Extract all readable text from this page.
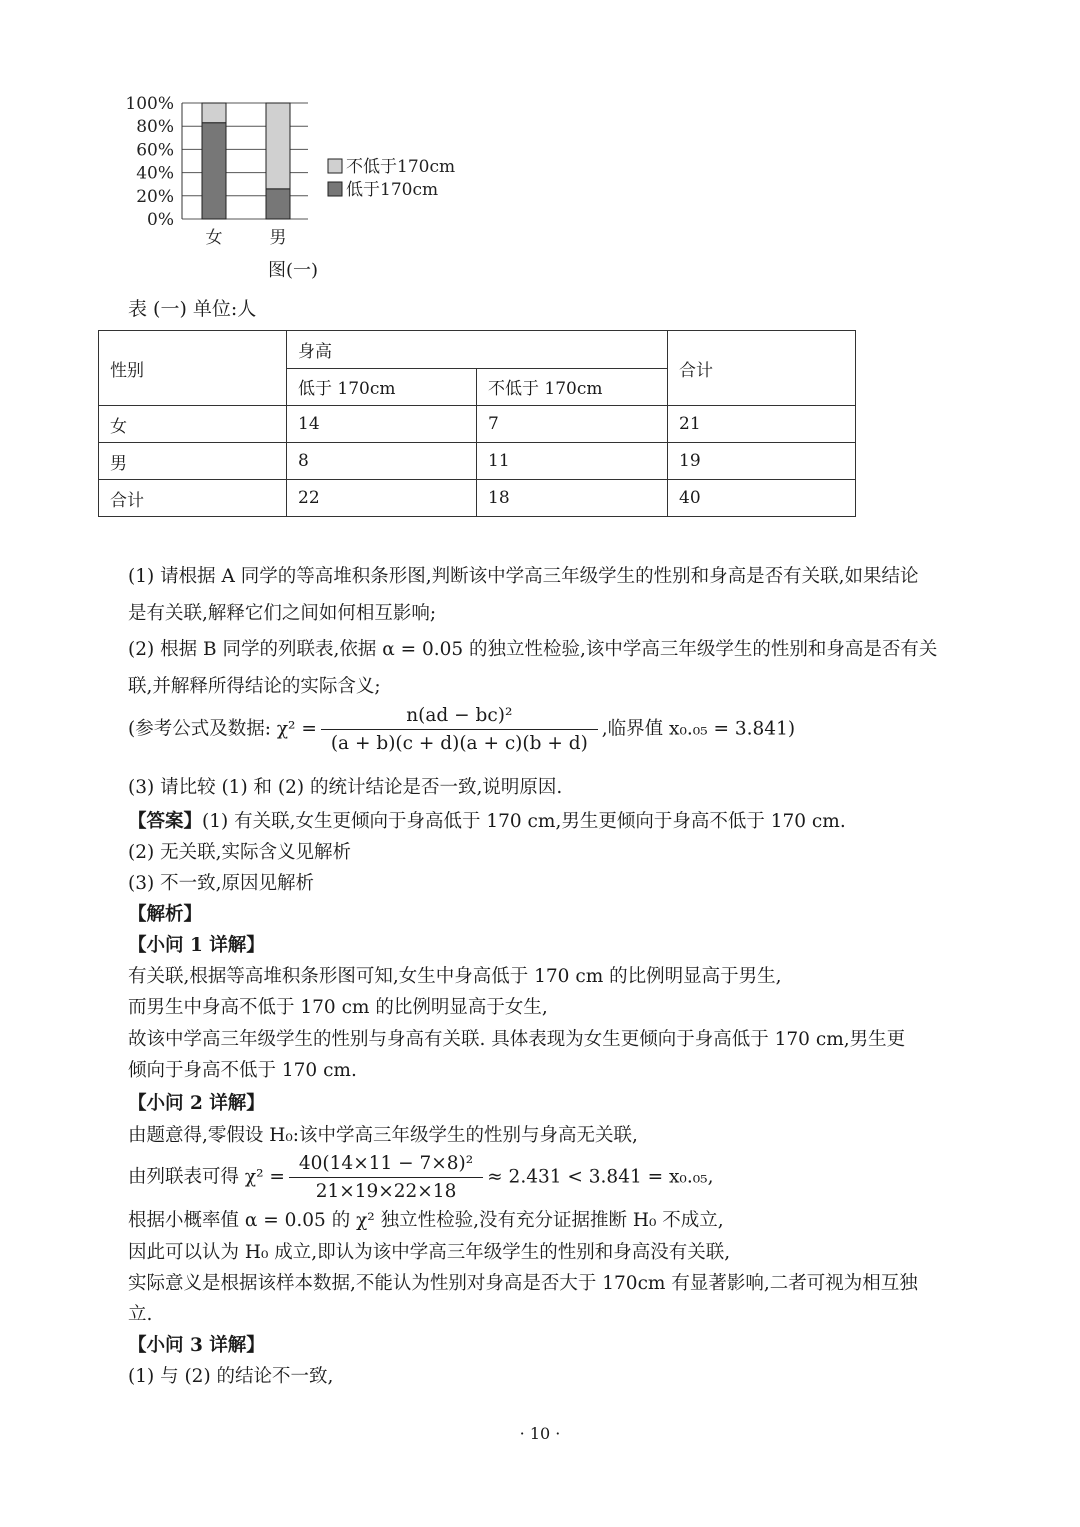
0%
20%
40%
60%
80%
100%
女	男
不低于170cm
低于170cm
图(一)
表 (一) 单位:人
性别	身高		合计
	低于 170cm	不低于 170cm	
女	14	7	21
男	8	11	19
合计	22	18	40
(1) 请根据 A 同学的等高堆积条形图,判断该中学高三年级学生的性别和身高是否有关联,如果结论
是有关联,解释它们之间如何相互影响;
(2) 根据 B 同学的列联表,依据 α = 0.05 的独立性检验,该中学高三年级学生的性别和身高是否有关
联,并解释所得结论的实际含义;
(参考公式及数据: $\chi^2 = \frac{\text{n(ad − bc)²}}{(a + b)(c + d)(a + c)(b + d)}$ ,临界值 x₀.₀₅ = 3.841)
(3) 请比较 (1) 和 (2) 的统计结论是否一致,说明原因.
【答案】(1) 有关联,女生更倾向于身高低于 170 cm,男生更倾向于身高不低于 170 cm.
(2) 无关联,实际含义见解析
(3) 不一致,原因见解析
【解析】
【小问 1 详解】
有关联,根据等高堆积条形图可知,女生中身高低于 170 cm 的比例明显高于男生,
而男生中身高不低于 170 cm 的比例明显高于女生,
故该中学高三年级学生的性别与身高有关联. 具体表现为女生更倾向于身高低于 170 cm,男生更
倾向于身高不低于 170 cm.
【小问 2 详解】
由题意得,零假设 H₀:该中学高三年级学生的性别与身高无关联,
由列联表可得 $\chi^2 = \frac{\text{40(14×11 − 7×8)²}}{21\times 19\times 22\times 18} \approx 2.431 < 3.841 = x_0._{05}$,
根据小概率值 α = 0.05 的 χ² 独立性检验,没有充分证据推断 H₀ 不成立,
因此可以认为 H₀ 成立,即认为该中学高三年级学生的性别和身高没有关联,
实际意义是根据该样本数据,不能认为性别对身高是否大于 170cm 有显著影响,二者可视为相互独
立.
【小问 3 详解】
(1) 与 (2) 的结论不一致,
· 10 ·
